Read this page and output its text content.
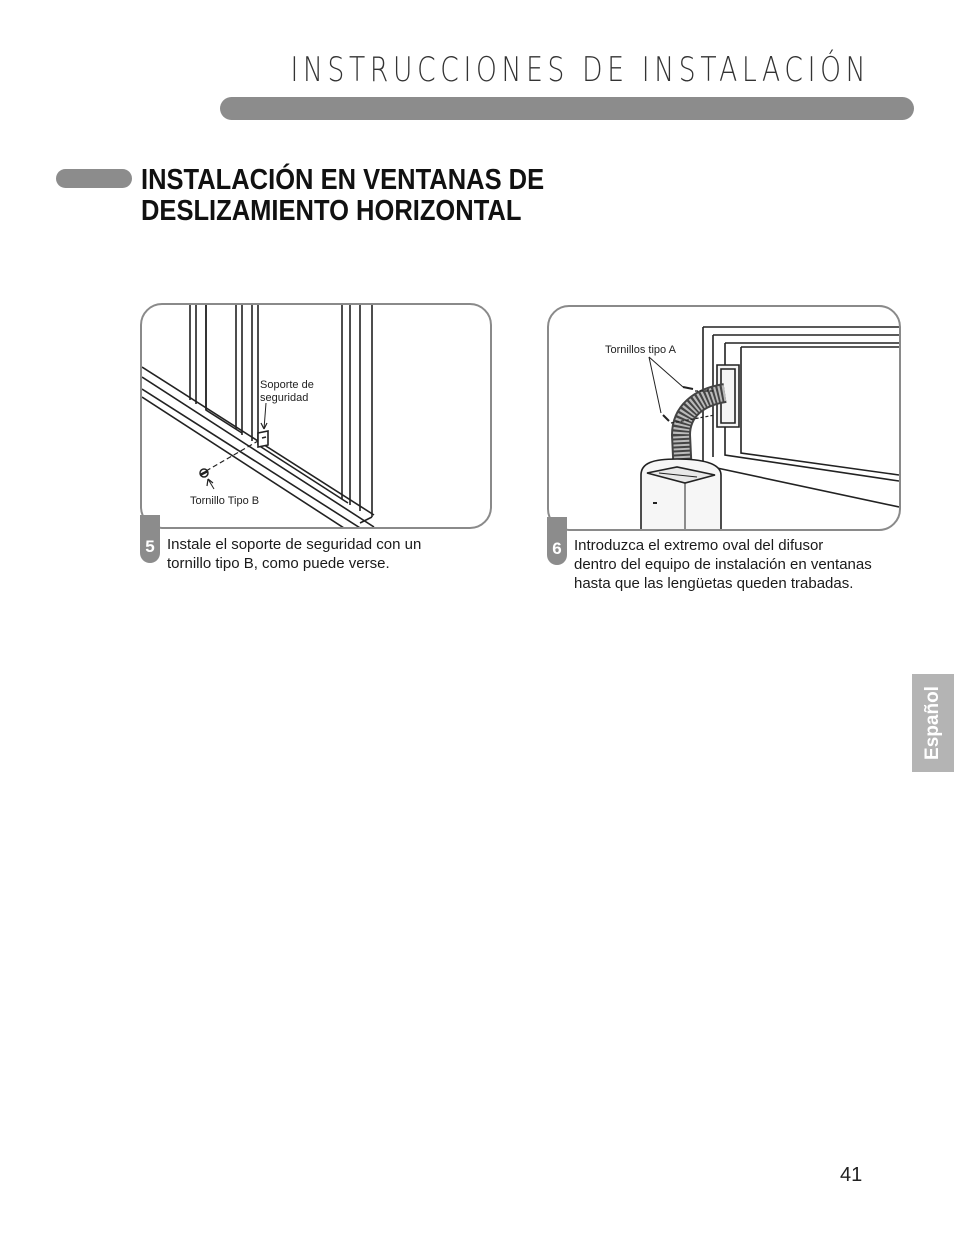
INSTRUCCIONES DE INSTALACIÓN
INSTALACIÓN EN VENTANAS DE
DESLIZAMIENTO HORIZONTAL
Soporte de
seguridad
Tornillo Tipo B
5 Instale el soporte de seguridad con un
tornillo tipo B, como puede verse.
Tornillos tipo A
6 Introduzca el extremo oval del difusor
dentro del equipo de instalación en ventanas
hasta que las lengüetas queden trabadas.
Español
41
